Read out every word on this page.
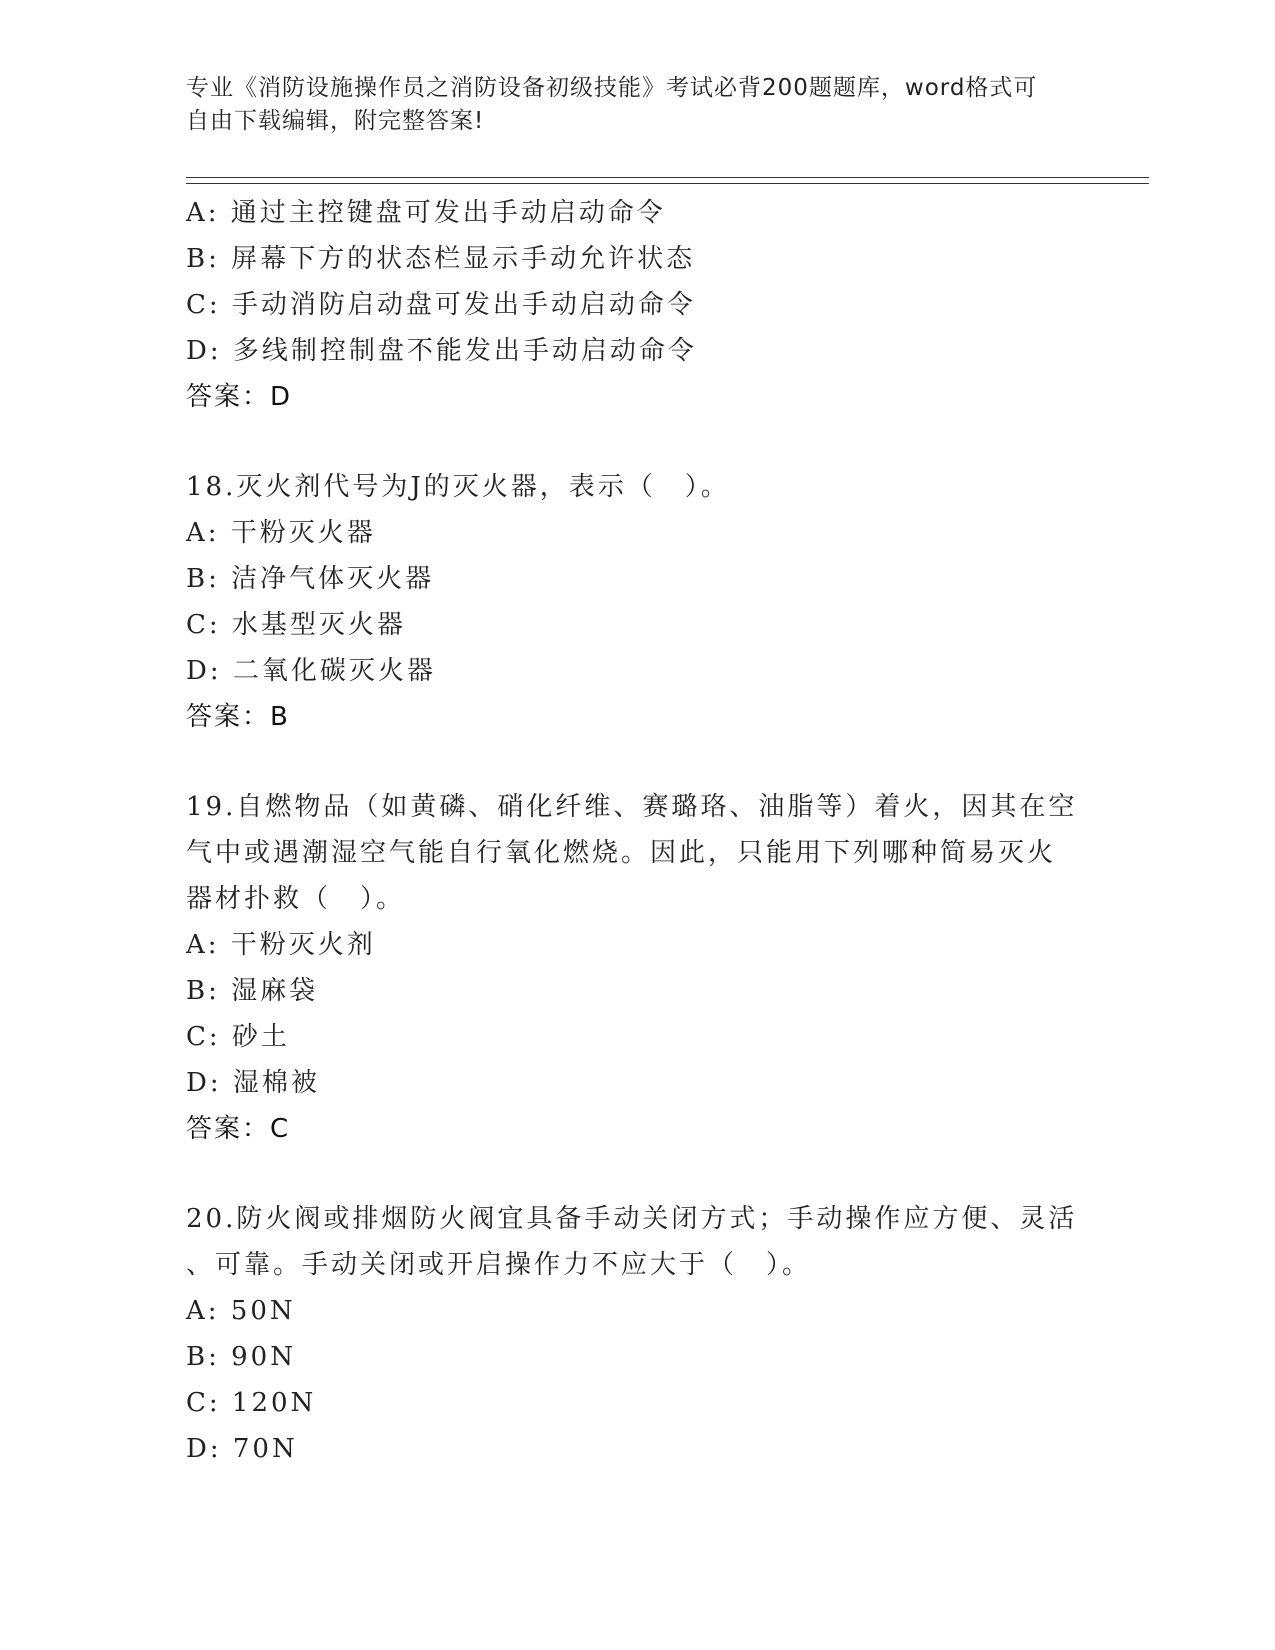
专业《消防设施操作员之消防设备初级技能》考试必背200题题库，word格式可
自由下载编辑，附完整答案!
A: 通过主控键盘可发出手动启动命令
B: 屏幕下方的状态栏显示手动允许状态
C: 手动消防启动盘可发出手动启动命令
D: 多线制控制盘不能发出手动启动命令
答案：D
18.灭火剂代号为J的灭火器，表示（　）。
A: 干粉灭火器
B: 洁净气体灭火器
C: 水基型灭火器
D: 二氧化碳灭火器
答案：B
19.自燃物品（如黄磷、硝化纤维、赛璐珞、油脂等）着火，因其在空
气中或遇潮湿空气能自行氧化燃烧。因此，只能用下列哪种简易灭火
器材扑救（　）。
A: 干粉灭火剂
B: 湿麻袋
C: 砂土
D: 湿棉被
答案：C
20.防火阀或排烟防火阀宜具备手动关闭方式；手动操作应方便、灵活
、可靠。手动关闭或开启操作力不应大于（　）。
A: 50N
B: 90N
C: 120N
D: 70N
